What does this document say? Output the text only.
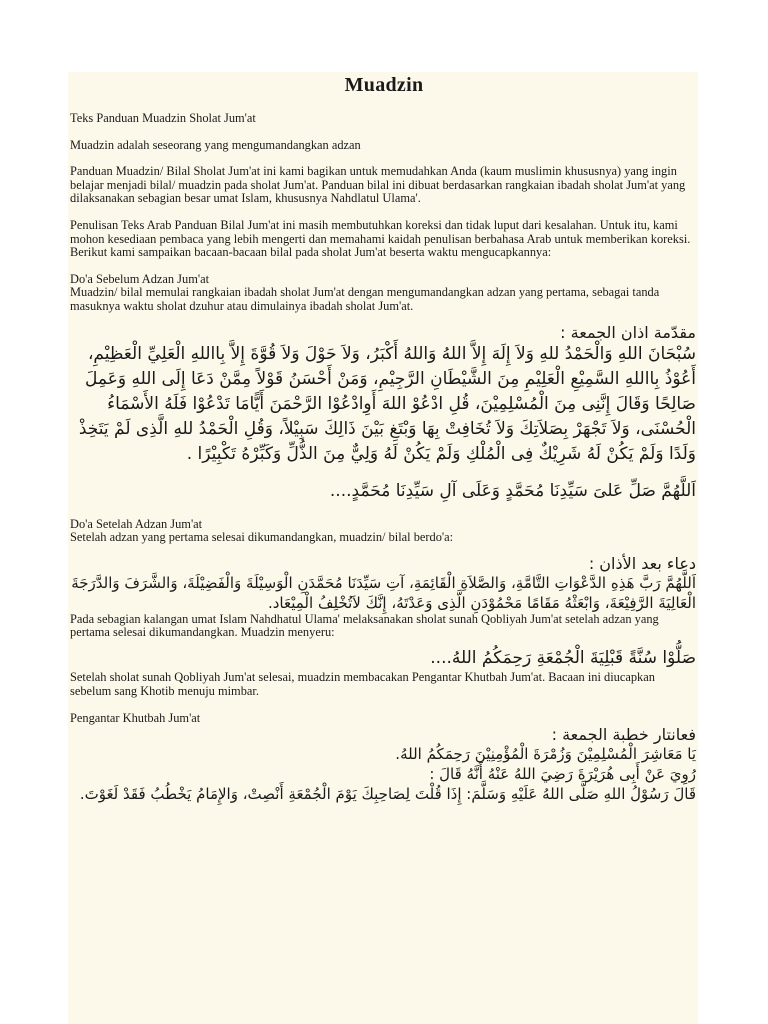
Muadzin

Teks Panduan Muadzin Sholat Jum'at

Muadzin adalah seseorang yang mengumandangkan adzan

Panduan Muadzin/ Bilal Sholat Jum'at ini kami bagikan untuk memudahkan Anda (kaum muslimin khususnya) yang ingin belajar menjadi bilal/ muadzin pada sholat Jum'at. Panduan bilal ini dibuat berdasarkan rangkaian ibadah sholat Jum'at yang dilaksanakan sebagian besar umat Islam, khususnya Nahdlatul Ulama'.

Penulisan Teks Arab Panduan Bilal Jum'at ini masih membutuhkan koreksi dan tidak luput dari kesalahan. Untuk itu, kami mohon kesediaan pembaca yang lebih mengerti dan memahami kaidah penulisan berbahasa Arab untuk memberikan koreksi. Berikut kami sampaikan bacaan-bacaan bilal pada sholat Jum'at beserta waktu mengucapkannya:

Do'a Sebelum Adzan Jum'at

Muadzin/ bilal memulai rangkaian ibadah sholat Jum'at dengan mengumandangkan adzan yang pertama, sebagai tanda masuknya waktu sholat dzuhur atau dimulainya ibadah sholat Jum'at.

مقدّمة اذان الجمعة :

سُبْحَانَ اللهِ وَالْحَمْدُ للهِ وَلاَ إِلَهَ إِلاَّ اللهُ وَاللهُ أَكْبَرُ، وَلاَ حَوْلَ وَلاَ قُوَّةَ إِلاَّ بِااللهِ الْعَلِيِّ الْعَظِيْمِ، أَعُوْذُ بِااللهِ السَّمِيْعِ الْعَلِيْمِ مِنَ الشَّيْطَانِ الرَّجِيْمِ، وَمَنْ أَحْسَنُ قَوْلاً مِمَّنْ دَعَا إِلَى اللهِ وَعَمِلَ صَالِحًا وَقَالَ إِنَّنِى مِنَ الْمُسْلِمِيْنَ، قُلِ ادْعُوْ اللهَ أَوِادْعُوْا الرَّحْمَنَ أَيًّامَا تَدْعُوْا فَلَهُ الأَسْمَاءُ الْحُسْنَى، وَلاَ تَجْهَرْ بِصَلاَتِكَ وَلاَ تُخَافِتْ بِهَا وَبْتَغِ بَيْنَ ذَالِكَ سَبِيْلاً، وَقُلِ الْحَمْدُ للهِ الَّذِى لَمْ يَتَخِذْ وَلَدًا وَلَمْ يَكُنْ لَهُ شَرِيْكٌ فِى الْمُلْكِ وَلَمْ يَكُنْ لَهُ وَلِيٌّ مِنَ الذُّلِّ وَكَبِّرْهُ تَكْبِيْرًا .

اَللَّهُمَّ صَلِّ عَلىَ سَيِّدِنَا مُحَمَّدٍ وَعَلَى آلِ سَيِّدِنَا مُحَمَّدٍ....

Do'a Setelah Adzan Jum'at

Setelah adzan yang pertama selesai dikumandangkan, muadzin/ bilal berdo'a:

دعاء بعد الأذان :

اَللَّهُمَّ رَبَّ هَذِهِ الدَّعْوَاتِ التَّامَّةِ، وَالصَّلاَةِ الْقَائِمَةِ، آتِ سَيِّدَنَا مُحَمَّدَنِ الْوَسِيْلَةَ وَالْفَضِيْلَةَ، وَالشَّرَفَ وَالدَّرَجَةَ الْعَالِيَةَ الرَّفِيْعَةَ، وَابْعَثْهُ مَقَامًا مَحْمُوْدَنِ الَّذِى وَعَدْتَهُ، إِنَّكَ لاَتُخْلِفُ الْمِيْعَاد.

Pada sebagian kalangan umat Islam Nahdhatul Ulama' melaksanakan sholat sunah Qobliyah Jum'at setelah adzan yang pertama selesai dikumandangkan. Muadzin menyeru:

صَلُّوْا سُنَّةً قَبْلِيَةَ الْجُمْعَةِ رَحِمَكُمُ اللهُ....

Setelah sholat sunah Qobliyah Jum'at selesai, muadzin membacakan Pengantar Khutbah Jum'at. Bacaan ini diucapkan sebelum sang Khotib menuju mimbar.

Pengantar Khutbah Jum'at

فعانتار خطبة الجمعة :

يَا مَعَاشِرَ الْمُسْلِمِيْنَ وَزُمْرَةَ الْمُؤْمِنِيْنَ رَحِمَكُمُ اللهُ.

رُوِيَ عَنْ أَبِى هُرَيْرَةَ رَضِيَ اللهُ عَنْهُ أَنَّهُ قَالَ :

قَالَ رَسُوْلُ اللهِ صَلَّى اللهُ عَلَيْهِ وَسَلَّمَ: إِذَا قُلْتَ لِصَاحِبِكَ يَوْمَ الْجُمْعَةِ أَنْصِتْ، وَالإِمَامُ يَخْطُبُ فَقَدْ لَغَوْتَ.
